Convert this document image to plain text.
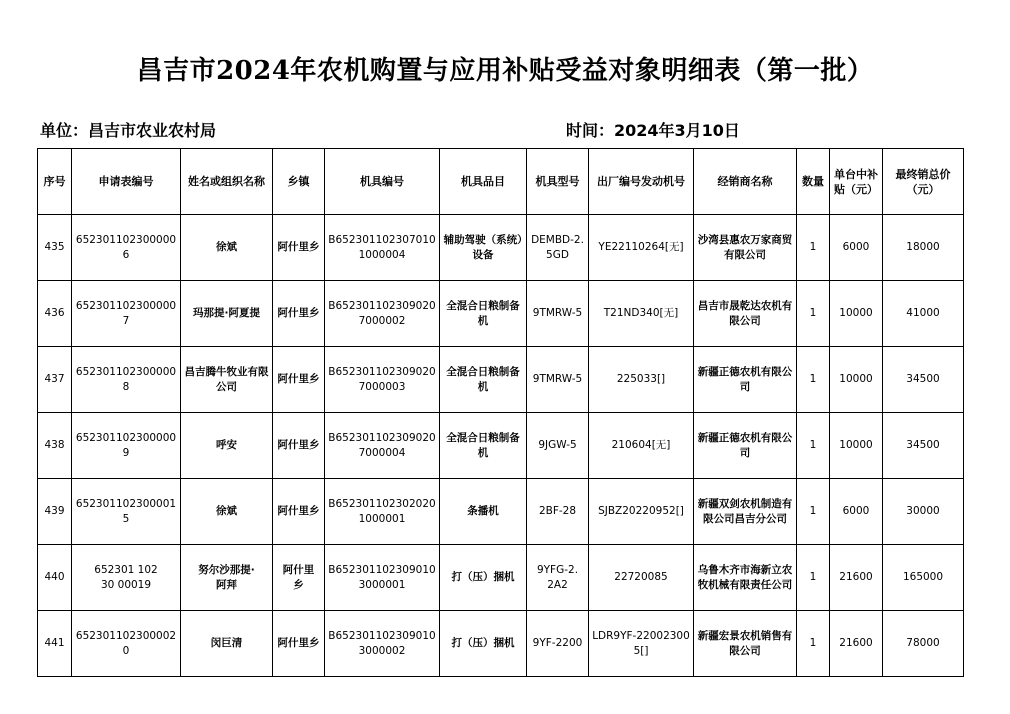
昌吉市2024年农机购置与应用补贴受益对象明细表（第一批）
单位：昌吉市农业农村局	时间：2024年3月10日
序号	申请表编号	姓名或组织名称	乡镇	机具编号	机具品目	机具型号	出厂编号发动机号	经销商名称	数量	单台中补贴（元）	最终销总价（元）
435	6523011023000006	徐斌	阿什里乡	B6523011023070101000004	辅助驾驶（系统）设备	DEMBD-2.5GD	YE22110264[无]	沙湾县惠农万家商贸有限公司	1	6000	18000
436	6523011023000007	玛那提·阿夏提	阿什里乡	B6523011023090207000002	全混合日粮制备机	9TMRW-5	T21ND340[无]	昌吉市晟乾达农机有限公司	1	10000	41000
437	6523011023000008	昌吉腾牛牧业有限公司	阿什里乡	B6523011023090207000003	全混合日粮制备机	9TMRW-5	225033[]	新疆正德农机有限公司	1	10000	34500
438	6523011023000009	呼安	阿什里乡	B6523011023090207000004	全混合日粮制备机	9JGW-5	210604[无]	新疆正德农机有限公司	1	10000	34500
439	6523011023000015	徐斌	阿什里乡	B6523011023020201000001	条播机	2BF-28	SJBZ20220952[]	新疆双剑农机制造有限公司昌吉分公司	1	6000	30000
440	652301 10230 00019	努尔沙那提·阿拜	阿什里乡	B6523011023090103000001	打（压）捆机	9YFG-2.2A2	22720085	乌鲁木齐市海新立农牧机械有限责任公司	1	21600	165000
441	6523011023000020	闵巨清	阿什里乡	B6523011023090103000002	打（压）捆机	9YF-2200	LDR9YF-220023005[]	新疆宏景农机销售有限公司	1	21600	78000
